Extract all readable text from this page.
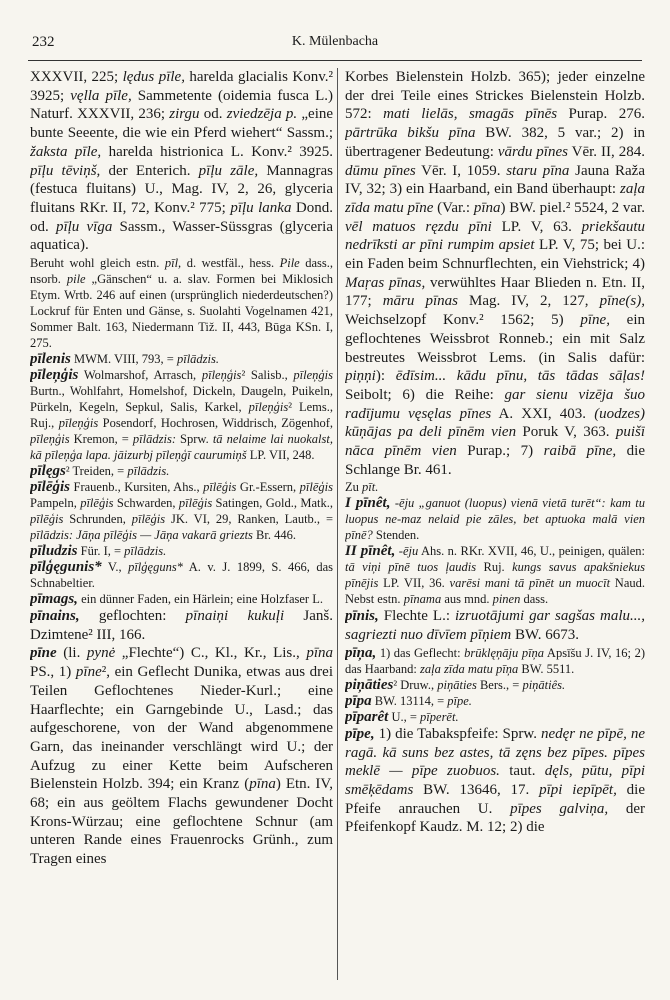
232	K. Mülenbacha

XXXVII, 225; lędus pīle, harelda glacialis Konv.² 3925; vęlla pīle, Sammetente (oidemia fusca L.) Naturf. XXXVII, 236; zirgu od. zviedzēja p. „eine bunte Seeente, die wie ein Pferd wiehert“ Sassm.; žaksta pīle, harelda histrionica L. Konv.² 3925. pīļu tēviņš, der Enterich. pīļu zāle, Mannagras (festuca fluitans) U., Mag. IV, 2, 26, glyceria fluitans RKr. II, 72, Konv.² 775; pīļu lanka Dond. od. pīļu vīga Sassm., Wasser-Süssgras (glyceria aquatica).

Beruht wohl gleich estn. pīl, d. westfäl., hess. Pile dass., nsorb. pile „Gänschen“ u. a. slav. Formen bei Miklosich Etym. Wrtb. 246 auf einen (ursprünglich niederdeutschen?) Lockruf für Enten und Gänse, s. Suolahti Vogelnamen 421, Sommer Balt. 163, Niedermann Tiž. II, 443, Būga KSn. I, 275.

pīlenis MWM. VIII, 793, = pīlādzis.

pīleņģis Wolmarshof, Arrasch, pīleņģis² Salisb., pīleņģis Burtn., Wohlfahrt, Homelshof, Dickeln, Daugeln, Puikeln, Pürkeln, Kegeln, Sepkul, Salis, Karkel, pīleņģis² Lems., Ruj., pīleņģis Posendorf, Hochrosen, Widdrisch, Zögenhof, pīleņģis Kremon, = pīlādzis: Sprw. tā nelaime lai nuokalst, kā pīleņģa lapa. jāizurbj pīleņģī caurumiņš LP. VII, 248.

pīlęgs² Treiden, = pīlādzis.

pīlēģis Frauenb., Kursiten, Ahs., pīlēģis Gr.-Essern, pīlēģis Pampeln, pīlēģis Schwarden, pīlēģis Satingen, Gold., Matk., pīlēģis Schrunden, pīlēģis JK. VI, 29, Ranken, Lautb., = pīlādzis: Jāņa pīlēģis — Jāņa vakarā griezts Br. 446.

pīludzis Für. I, = pīlādzis.

pīlģęgunis* V., pīlģęguns* A. v. J. 1899, S. 466, das Schnabeltier.

pīmags, ein dünner Faden, ein Härlein; eine Holzfaser L.

pīnains, geflochten: pīnaiņi kukuļi Janš. Dzimtene² III, 166.

pīne (li. pynė „Flechte“) C., Kl., Kr., Lis., pīna PS., 1) pīne², ein Geflecht Dunika, etwas aus drei Teilen Geflochtenes Nieder-Kurl.; eine Haarflechte; ein Garngebinde U., Lasd.; das aufgeschorene, von der Wand abgenommene Garn, das ineinander verschlängt wird U.; der Aufzug zu einer Kette beim Aufscheren Bielenstein Holzb. 394; ein Kranz (pīna) Etn. IV, 68; ein aus geöltem Flachs gewundener Docht Krons-Würzau; eine geflochtene Schnur (am unteren Rande eines Frauenrocks Grünh., zum Tragen eines

Korbes Bielenstein Holzb. 365); jeder einzelne der drei Teile eines Strickes Bielenstein Holzb. 572: mati lielās, smagās pīnēs Purap. 276. pārtrūka bikšu pīna BW. 382, 5 var.; 2) in übertragener Bedeutung: vārdu pīnes Vēr. II, 284. dūmu pīnes Vēr. I, 1059. staru pīna Jauna Raža IV, 32; 3) ein Haarband, ein Band überhaupt: zaļa zīda matu pīne (Var.: pīna) BW. piel.² 5524, 2 var. vēl matuos ręzdu pīni LP. V, 63. priekšautu nedrīksti ar pīni rumpim apsiet LP. V, 75; bei U.: ein Faden beim Schnurflechten, ein Viehstrick; 4) Maŗas pīnas, verwühltes Haar Blieden n. Etn. II, 177; māru pīnas Mag. IV, 2, 127, pīne(s), Weichselzopf Konv.² 1562; 5) pīne, ein geflochtenes Weissbrot Ronneb.; ein mit Salz bestreutes Weissbrot Lems. (in Salis dafür: piņņi): ēdīsim... kādu pīnu, tās tādas sāļas! Seibolt; 6) die Reihe: gar sienu vizēja šuo radījumu vęsęlas pīnes A. XXI, 403. (uodzes) kūņājas pa deli pīnēm vien Poruk V, 363. puišī nāca pīnēm vien Purap.; 7) raibā pīne, die Schlange Br. 461.

Zu pīt.

I pīnêt, -ēju „ganuot (luopus) vienā vietā turēt“: kam tu luopus ne-maz nelaid pie zāles, bet aptuoka malā vien pīnē? Stenden.

II pīnêt, -ēju Ahs. n. RKr. XVII, 46, U., peinigen, quälen: tā viņi pīnē tuos ļaudis Ruj. kungs savus apakšniekus pīnējis LP. VII, 36. varēsi mani tā pīnēt un muocīt Naud. Nebst estn. pīnama aus mnd. pinen dass.

pīnis, Flechte L.: izruotājumi gar sagšas malu..., sagriezti nuo dīvīem pīņiem BW. 6673.

pīņa, 1) das Geflecht: brūklęņāju pīņa Apsīšu J. IV, 16; 2) das Haarband: zaļa zīda matu pīņa BW. 5511.

piņāties² Druw., piņāties Bers., = piņātiês.

pīpa BW. 13114, = pīpe.

pīparêt U., = pīperēt.

pīpe, 1) die Tabakspfeife: Sprw. nedęr ne pīpē, ne ragā. kā suns bez astes, tā zęns bez pīpes. pīpes meklē — pīpe zuobuos. taut. dęls, pūtu, pīpi smēķēdams BW. 13646, 17. pīpi iepīpēt, die Pfeife anrauchen U. pīpes galviņa, der Pfeifenkopf Kaudz. M. 12; 2) die
